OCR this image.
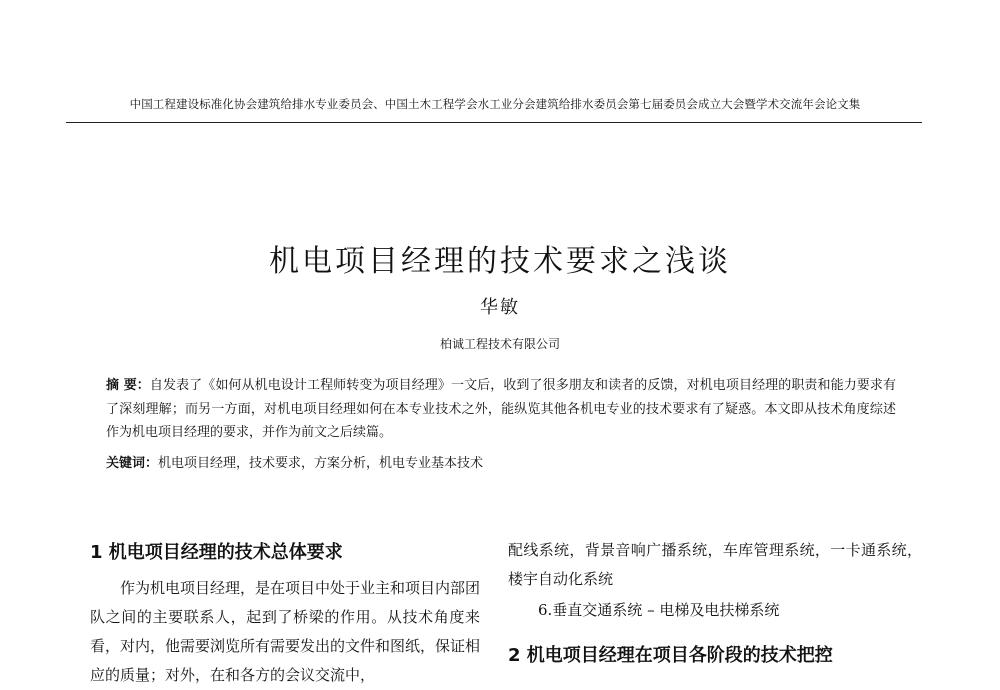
中国工程建设标准化协会建筑给排水专业委员会、中国土木工程学会水工业分会建筑给排水委员会第七届委员会成立大会暨学术交流年会论文集
机电项目经理的技术要求之浅谈
华敏
柏诚工程技术有限公司
摘 要：自发表了《如何从机电设计工程师转变为项目经理》一文后，收到了很多朋友和读者的反馈，对机电项目经理的职责和能力要求有了深刻理解；而另一方面，对机电项目经理如何在本专业技术之外，能纵览其他各机电专业的技术要求有了疑惑。本文即从技术角度综述作为机电项目经理的要求，并作为前文之后续篇。
关键词：机电项目经理，技术要求，方案分析，机电专业基本技术
1 机电项目经理的技术总体要求

作为机电项目经理，是在项目中处于业主和项目内部团队之间的主要联系人，起到了桥梁的作用。从技术角度来看，对内，他需要浏览所有需要发出的文件和图纸，保证相应的质量；对外，在和各方的会议交流中，

配线系统，背景音响广播系统，车库管理系统，一卡通系统，楼宇自动化系统

6.垂直交通系统 – 电梯及电扶梯系统

2 机电项目经理在项目各阶段的技术把控
